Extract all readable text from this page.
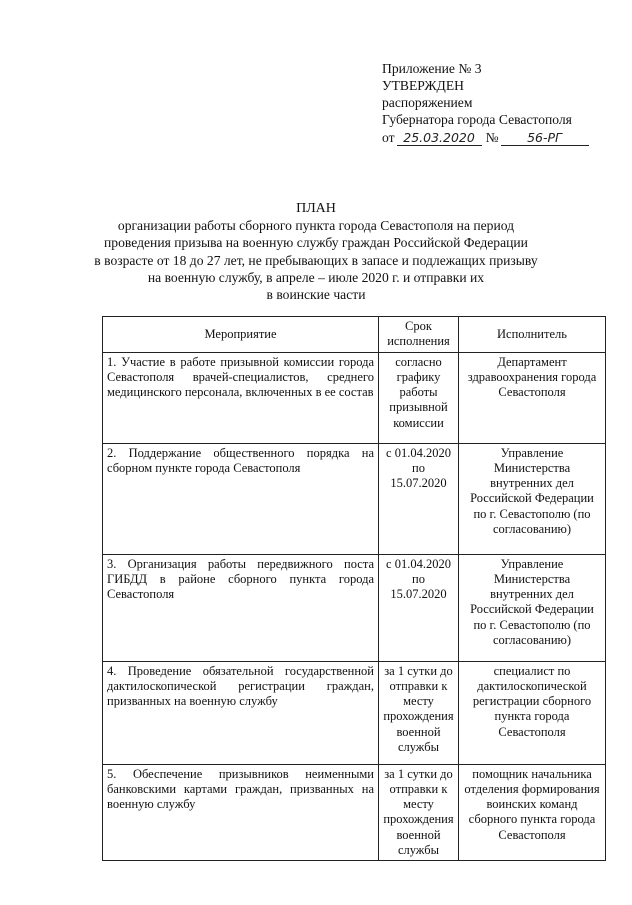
Приложение № 3
УТВЕРЖДЕН
распоряжением
Губернатора города Севастополя
от 25.03.2020 №	56-РГ
ПЛАН
организации работы сборного пункта города Севастополя на период
проведения призыва на военную службу граждан Российской Федерации
в возрасте от 18 до 27 лет, не пребывающих в запасе и подлежащих призыву
на военную службу, в апреле – июле 2020 г. и отправки их
в воинские части
Мероприятие	Срок исполнения	Исполнитель
1. Участие в работе призывной комиссии города Севастополя врачей-специалистов, среднего медицинского персонала, включенных в ее состав	согласно графику работы призывной комиссии	Департамент здравоохранения города Севастополя
2. Поддержание общественного порядка на сборном пункте города Севастополя	с 01.04.2020 по 15.07.2020	Управление Министерства внутренних дел Российской Федерации по г. Севастополю (по согласованию)
3. Организация работы передвижного поста ГИБДД в районе сборного пункта города Севастополя	с 01.04.2020 по 15.07.2020	Управление Министерства внутренних дел Российской Федерации по г. Севастополю (по согласованию)
4. Проведение обязательной государственной дактилоскопической регистрации граждан, призванных на военную службу	за 1 сутки до отправки к месту прохождения военной службы	специалист по дактилоскопической регистрации сборного пункта города Севастополя
5. Обеспечение призывников неименными банковскими картами граждан, призванных на военную службу	за 1 сутки до отправки к месту прохождения военной службы	помощник начальника отделения формирования воинских команд сборного пункта города Севастополя
